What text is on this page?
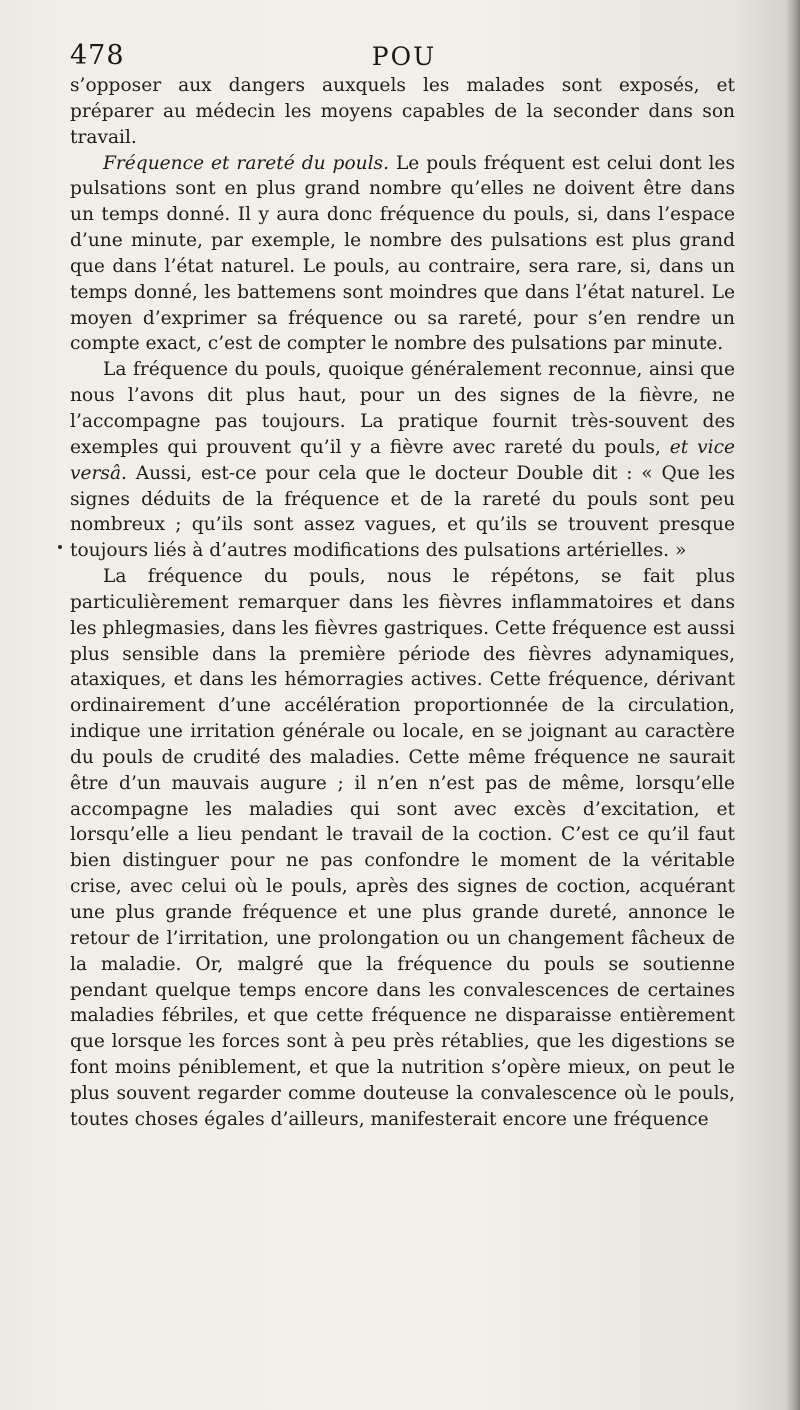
478	POU

s’opposer aux dangers auxquels les malades sont exposés, et préparer au médecin les moyens capables de la seconder dans son travail.

Fréquence et rareté du pouls. Le pouls fréquent est celui dont les pulsations sont en plus grand nombre qu’elles ne doivent être dans un temps donné. Il y aura donc fréquence du pouls, si, dans l’espace d’une minute, par exemple, le nombre des pulsations est plus grand que dans l’état naturel. Le pouls, au contraire, sera rare, si, dans un temps donné, les battemens sont moindres que dans l’état naturel. Le moyen d’exprimer sa fréquence ou sa rareté, pour s’en rendre un compte exact, c’est de compter le nombre des pulsations par minute.

La fréquence du pouls, quoique généralement reconnue, ainsi que nous l’avons dit plus haut, pour un des signes de la fièvre, ne l’accompagne pas toujours. La pratique fournit très-souvent des exemples qui prouvent qu’il y a fièvre avec rareté du pouls, et vice versâ. Aussi, est-ce pour cela que le docteur Double dit : « Que les signes déduits de la fréquence et de la rareté du pouls sont peu nombreux ; qu’ils sont assez vagues, et qu’ils se trouvent presque toujours liés à d’autres modifications des pulsations artérielles. »

La fréquence du pouls, nous le répétons, se fait plus particulièrement remarquer dans les fièvres inflammatoires et dans les phlegmasies, dans les fièvres gastriques. Cette fréquence est aussi plus sensible dans la première période des fièvres adynamiques, ataxiques, et dans les hémorragies actives. Cette fréquence, dérivant ordinairement d’une accélération proportionnée de la circulation, indique une irritation générale ou locale, en se joignant au caractère du pouls de crudité des maladies. Cette même fréquence ne saurait être d’un mauvais augure ; il n’en n’est pas de même, lorsqu’elle accompagne les maladies qui sont avec excès d’excitation, et lorsqu’elle a lieu pendant le travail de la coction. C’est ce qu’il faut bien distinguer pour ne pas confondre le moment de la véritable crise, avec celui où le pouls, après des signes de coction, acquérant une plus grande fréquence et une plus grande dureté, annonce le retour de l’irritation, une prolongation ou un changement fâcheux de la maladie. Or, malgré que la fréquence du pouls se soutienne pendant quelque temps encore dans les convalescences de certaines maladies fébriles, et que cette fréquence ne disparaisse entièrement que lorsque les forces sont à peu près rétablies, que les digestions se font moins péniblement, et que la nutrition s’opère mieux, on peut le plus souvent regarder comme douteuse la convalescence où le pouls, toutes choses égales d’ailleurs, manifesterait encore une fréquence
